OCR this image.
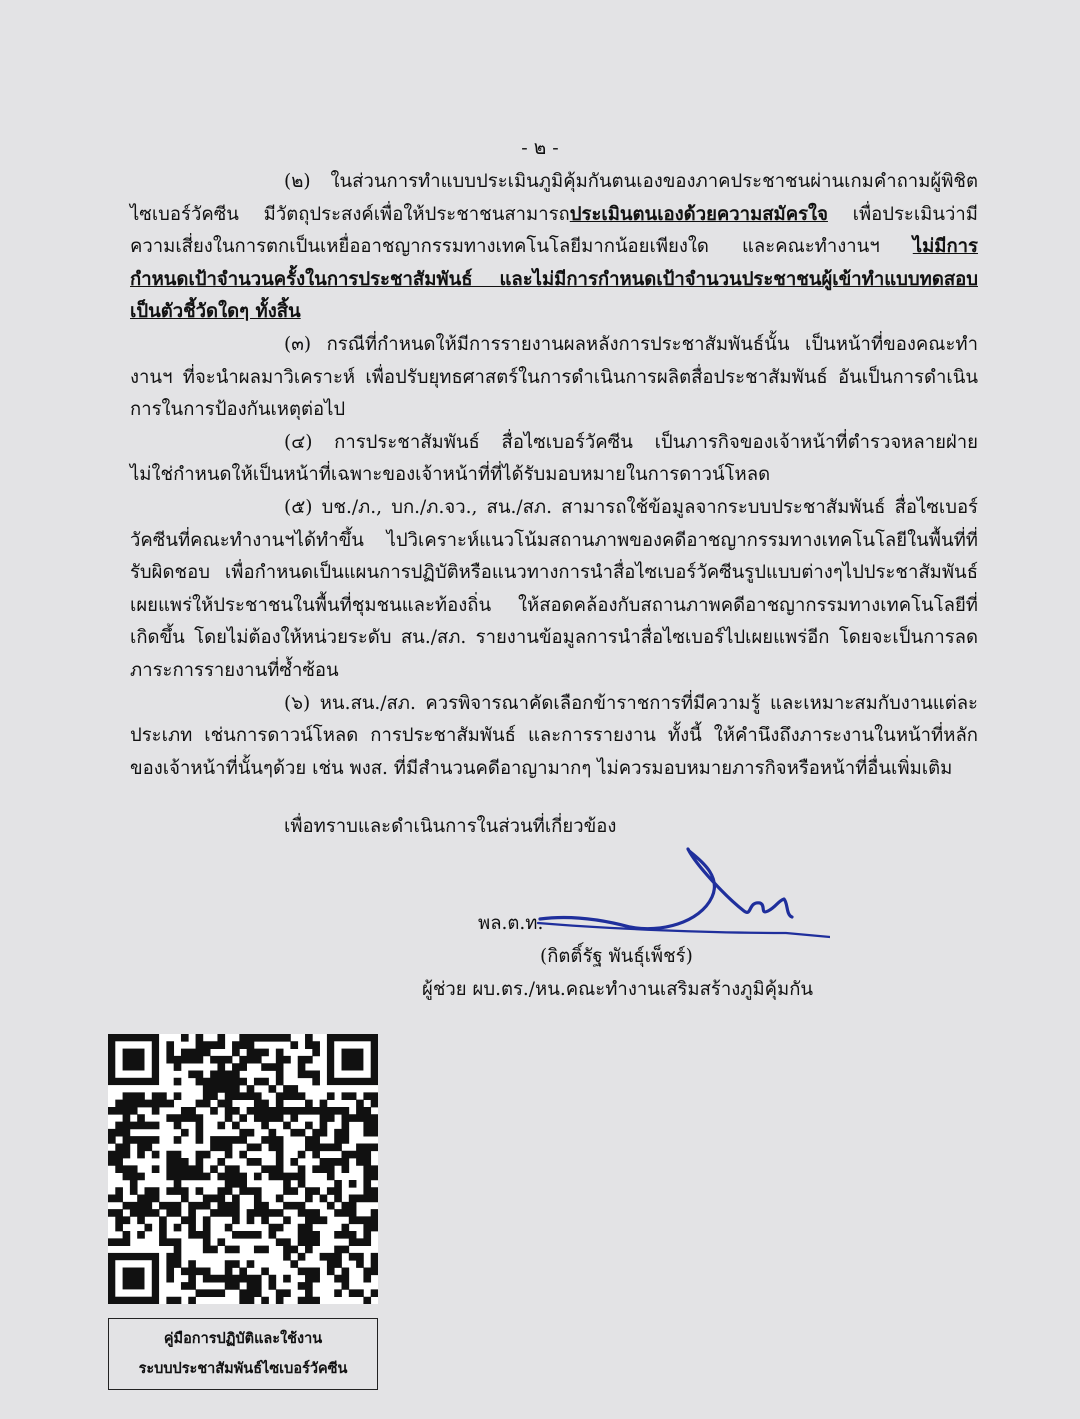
- ๒ -

(๒) ในส่วนการทำแบบประเมินภูมิคุ้มกันตนเองของภาคประชาชนผ่านเกมคำถามผู้พิชิตไซเบอร์วัคซีน มีวัตถุประสงค์เพื่อให้ประชาชนสามารถประเมินตนเองด้วยความสมัครใจ เพื่อประเมินว่ามีความเสี่ยงในการตกเป็นเหยื่ออาชญากรรมทางเทคโนโลยีมากน้อยเพียงใด และคณะทำงานฯ ไม่มีการกำหนดเป้าจำนวนครั้งในการประชาสัมพันธ์ และไม่มีการกำหนดเป้าจำนวนประชาชนผู้เข้าทำแบบทดสอบเป็นตัวชี้วัดใดๆ ทั้งสิ้น

(๓) กรณีที่กำหนดให้มีการรายงานผลหลังการประชาสัมพันธ์นั้น เป็นหน้าที่ของคณะทำงานฯ ที่จะนำผลมาวิเคราะห์ เพื่อปรับยุทธศาสตร์ในการดำเนินการผลิตสื่อประชาสัมพันธ์ อันเป็นการดำเนินการในการป้องกันเหตุต่อไป

(๔) การประชาสัมพันธ์ สื่อไซเบอร์วัคซีน เป็นภารกิจของเจ้าหน้าที่ตำรวจหลายฝ่าย ไม่ใช่กำหนดให้เป็นหน้าที่เฉพาะของเจ้าหน้าที่ที่ได้รับมอบหมายในการดาวน์โหลด

(๕) บช./ภ., บก./ภ.จว., สน./สภ. สามารถใช้ข้อมูลจากระบบประชาสัมพันธ์ สื่อไซเบอร์วัคซีนที่คณะทำงานฯได้ทำขึ้น ไปวิเคราะห์แนวโน้มสถานภาพของคดีอาชญากรรมทางเทคโนโลยีในพื้นที่ที่รับผิดชอบ เพื่อกำหนดเป็นแผนการปฏิบัติหรือแนวทางการนำสื่อไซเบอร์วัคซีนรูปแบบต่างๆไปประชาสัมพันธ์ เผยแพร่ให้ประชาชนในพื้นที่ชุมชนและท้องถิ่น ให้สอดคล้องกับสถานภาพคดีอาชญากรรมทางเทคโนโลยีที่เกิดขึ้น โดยไม่ต้องให้หน่วยระดับ สน./สภ. รายงานข้อมูลการนำสื่อไซเบอร์ไปเผยแพร่อีก โดยจะเป็นการลดภาระการรายงานที่ซ้ำซ้อน

(๖) หน.สน./สภ. ควรพิจารณาคัดเลือกข้าราชการที่มีความรู้ และเหมาะสมกับงานแต่ละประเภท เช่นการดาวน์โหลด การประชาสัมพันธ์ และการรายงาน ทั้งนี้ ให้คำนึงถึงภาระงานในหน้าที่หลักของเจ้าหน้าที่นั้นๆด้วย เช่น พงส. ที่มีสำนวนคดีอาญามากๆ ไม่ควรมอบหมายภารกิจหรือหน้าที่อื่นเพิ่มเติม

เพื่อทราบและดำเนินการในส่วนที่เกี่ยวข้อง
พล.ต.ท.
(กิตติ์รัฐ พันธุ์เพ็ชร์)
ผู้ช่วย ผบ.ตร./หน.คณะทำงานเสริมสร้างภูมิคุ้มกัน
คู่มือการปฏิบัติและใช้งาน
ระบบประชาสัมพันธ์ไซเบอร์วัคซีน
